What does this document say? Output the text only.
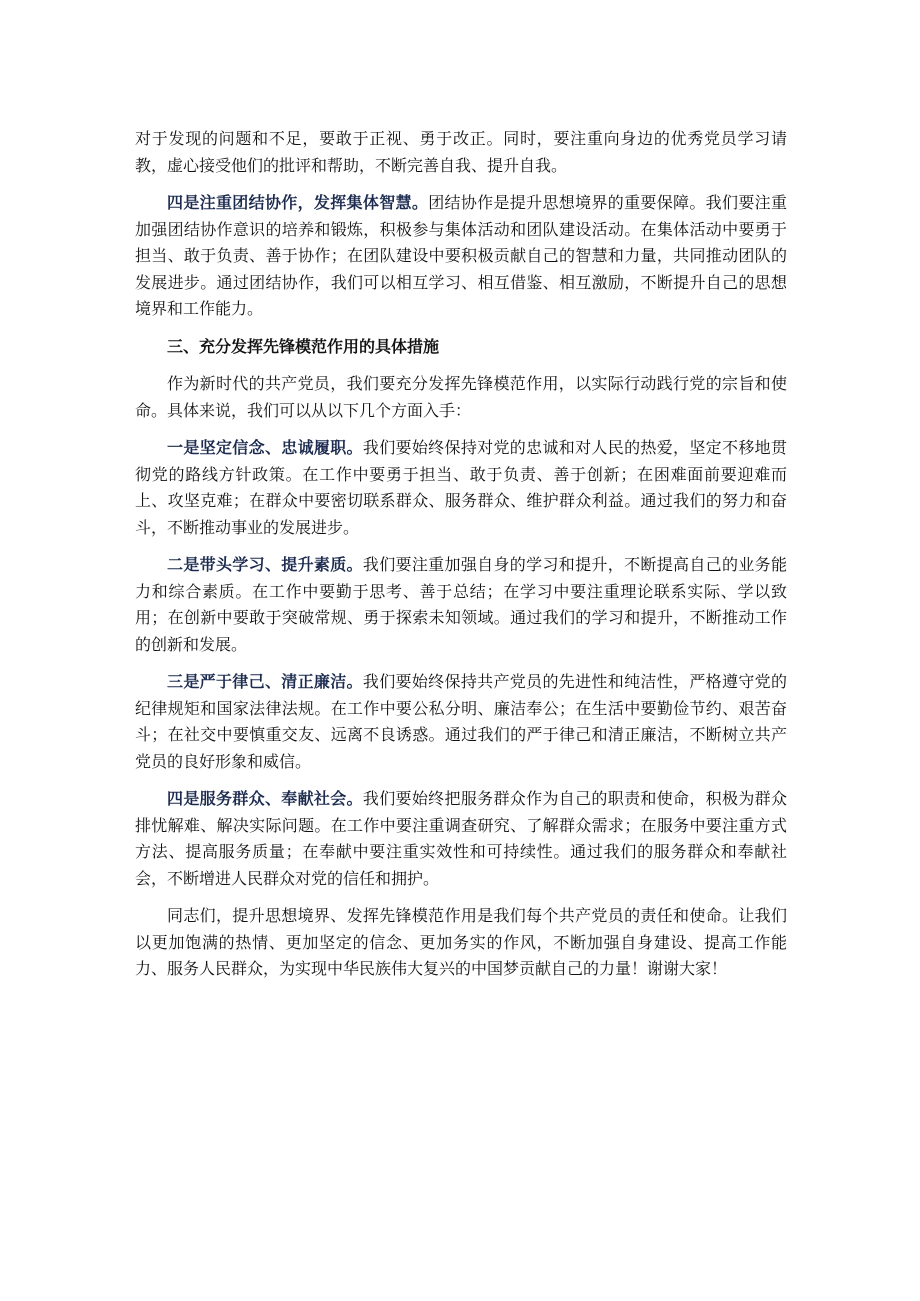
对于发现的问题和不足，要敢于正视、勇于改正。同时，要注重向身边的优秀党员学习请教，虚心接受他们的批评和帮助，不断完善自我、提升自我。

四是注重团结协作，发挥集体智慧。团结协作是提升思想境界的重要保障。我们要注重加强团结协作意识的培养和锻炼，积极参与集体活动和团队建设活动。在集体活动中要勇于担当、敢于负责、善于协作；在团队建设中要积极贡献自己的智慧和力量，共同推动团队的发展进步。通过团结协作，我们可以相互学习、相互借鉴、相互激励，不断提升自己的思想境界和工作能力。

三、充分发挥先锋模范作用的具体措施

作为新时代的共产党员，我们要充分发挥先锋模范作用，以实际行动践行党的宗旨和使命。具体来说，我们可以从以下几个方面入手：

一是坚定信念、忠诚履职。我们要始终保持对党的忠诚和对人民的热爱，坚定不移地贯彻党的路线方针政策。在工作中要勇于担当、敢于负责、善于创新；在困难面前要迎难而上、攻坚克难；在群众中要密切联系群众、服务群众、维护群众利益。通过我们的努力和奋斗，不断推动事业的发展进步。

二是带头学习、提升素质。我们要注重加强自身的学习和提升，不断提高自己的业务能力和综合素质。在工作中要勤于思考、善于总结；在学习中要注重理论联系实际、学以致用；在创新中要敢于突破常规、勇于探索未知领域。通过我们的学习和提升，不断推动工作的创新和发展。

三是严于律己、清正廉洁。我们要始终保持共产党员的先进性和纯洁性，严格遵守党的纪律规矩和国家法律法规。在工作中要公私分明、廉洁奉公；在生活中要勤俭节约、艰苦奋斗；在社交中要慎重交友、远离不良诱惑。通过我们的严于律己和清正廉洁，不断树立共产党员的良好形象和威信。

四是服务群众、奉献社会。我们要始终把服务群众作为自己的职责和使命，积极为群众排忧解难、解决实际问题。在工作中要注重调查研究、了解群众需求；在服务中要注重方式方法、提高服务质量；在奉献中要注重实效性和可持续性。通过我们的服务群众和奉献社会，不断增进人民群众对党的信任和拥护。

同志们，提升思想境界、发挥先锋模范作用是我们每个共产党员的责任和使命。让我们以更加饱满的热情、更加坚定的信念、更加务实的作风，不断加强自身建设、提高工作能力、服务人民群众，为实现中华民族伟大复兴的中国梦贡献自己的力量！谢谢大家！
